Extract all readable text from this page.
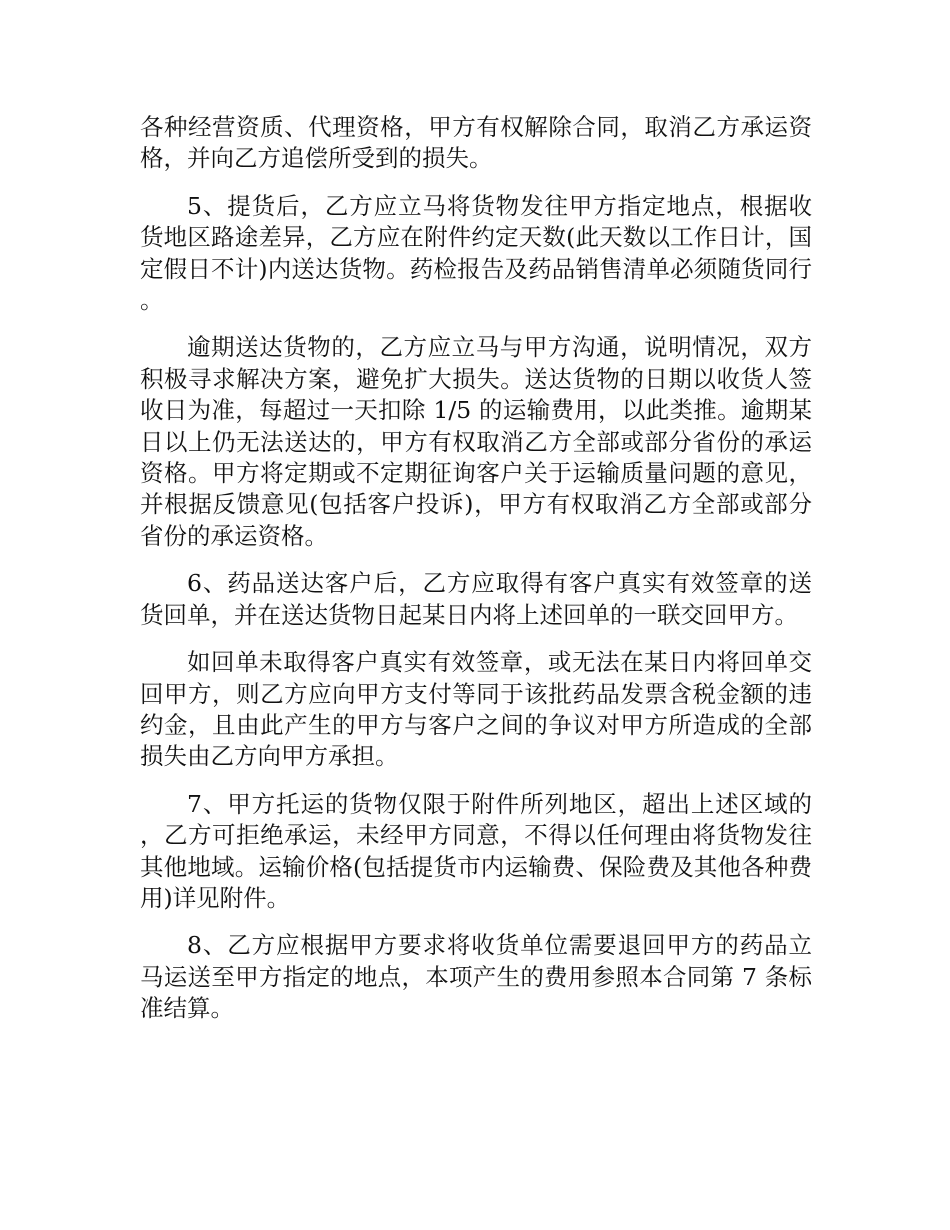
各种经营资质、代理资格，甲方有权解除合同，取消乙方承运资格，并向乙方追偿所受到的损失。

5、提货后，乙方应立马将货物发往甲方指定地点，根据收货地区路途差异，乙方应在附件约定天数(此天数以工作日计，国定假日不计)内送达货物。药检报告及药品销售清单必须随货同行。

逾期送达货物的，乙方应立马与甲方沟通，说明情况，双方积极寻求解决方案，避免扩大损失。送达货物的日期以收货人签收日为准，每超过一天扣除 1/5 的运输费用，以此类推。逾期某日以上仍无法送达的，甲方有权取消乙方全部或部分省份的承运资格。甲方将定期或不定期征询客户关于运输质量问题的意见，并根据反馈意见(包括客户投诉)，甲方有权取消乙方全部或部分省份的承运资格。

6、药品送达客户后，乙方应取得有客户真实有效签章的送货回单，并在送达货物日起某日内将上述回单的一联交回甲方。

如回单未取得客户真实有效签章，或无法在某日内将回单交回甲方，则乙方应向甲方支付等同于该批药品发票含税金额的违约金，且由此产生的甲方与客户之间的争议对甲方所造成的全部损失由乙方向甲方承担。

7、甲方托运的货物仅限于附件所列地区，超出上述区域的，乙方可拒绝承运，未经甲方同意，不得以任何理由将货物发往其他地域。运输价格(包括提货市内运输费、保险费及其他各种费用)详见附件。

8、乙方应根据甲方要求将收货单位需要退回甲方的药品立马运送至甲方指定的地点，本项产生的费用参照本合同第 7 条标准结算。
